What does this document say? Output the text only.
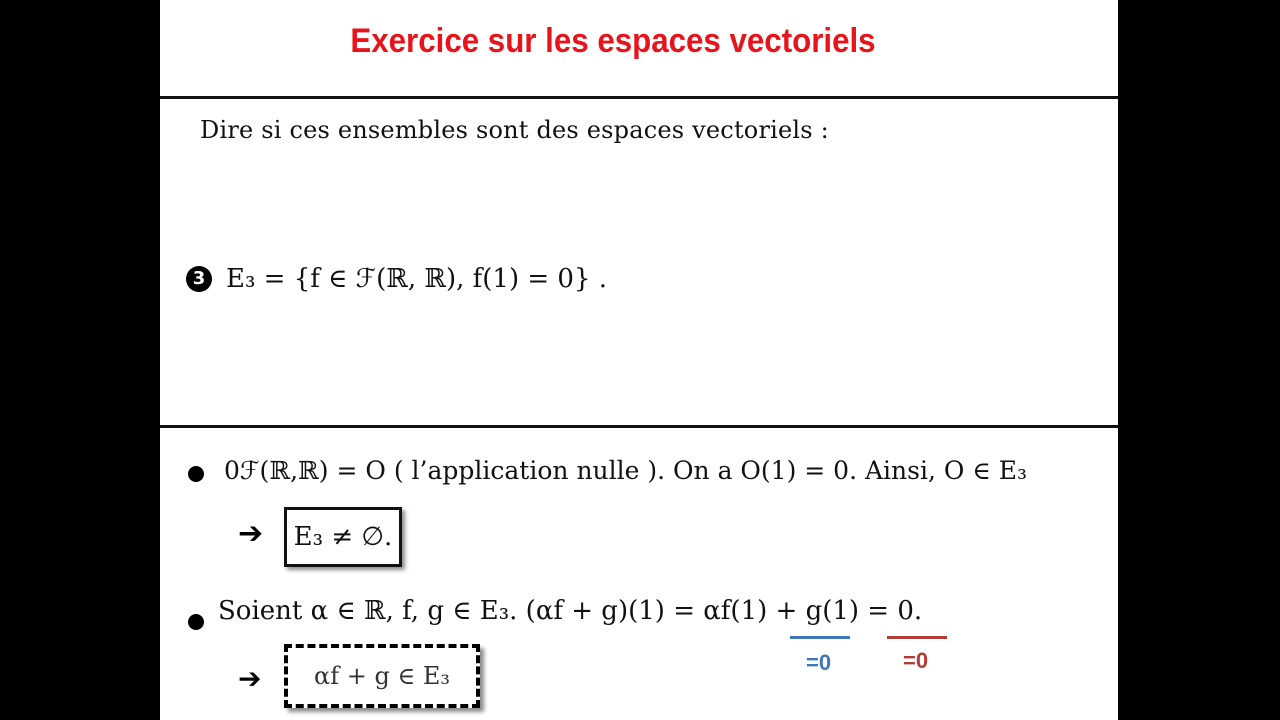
Exercice sur les espaces vectoriels
Dire si ces ensembles sont des espaces vectoriels :
3 E₃ = {f ∈ ℱ(ℝ, ℝ), f(1) = 0} .
0ℱ(ℝ,ℝ) = O ( l’application nulle ). On a O(1) = 0. Ainsi, O ∈ E₃
➔ E₃ ≠ ∅.
Soient α ∈ ℝ, f, g ∈ E₃. (αf + g)(1) = αf(1) + g(1) = 0.
=0	=0
➔ αf + g ∈ E₃
